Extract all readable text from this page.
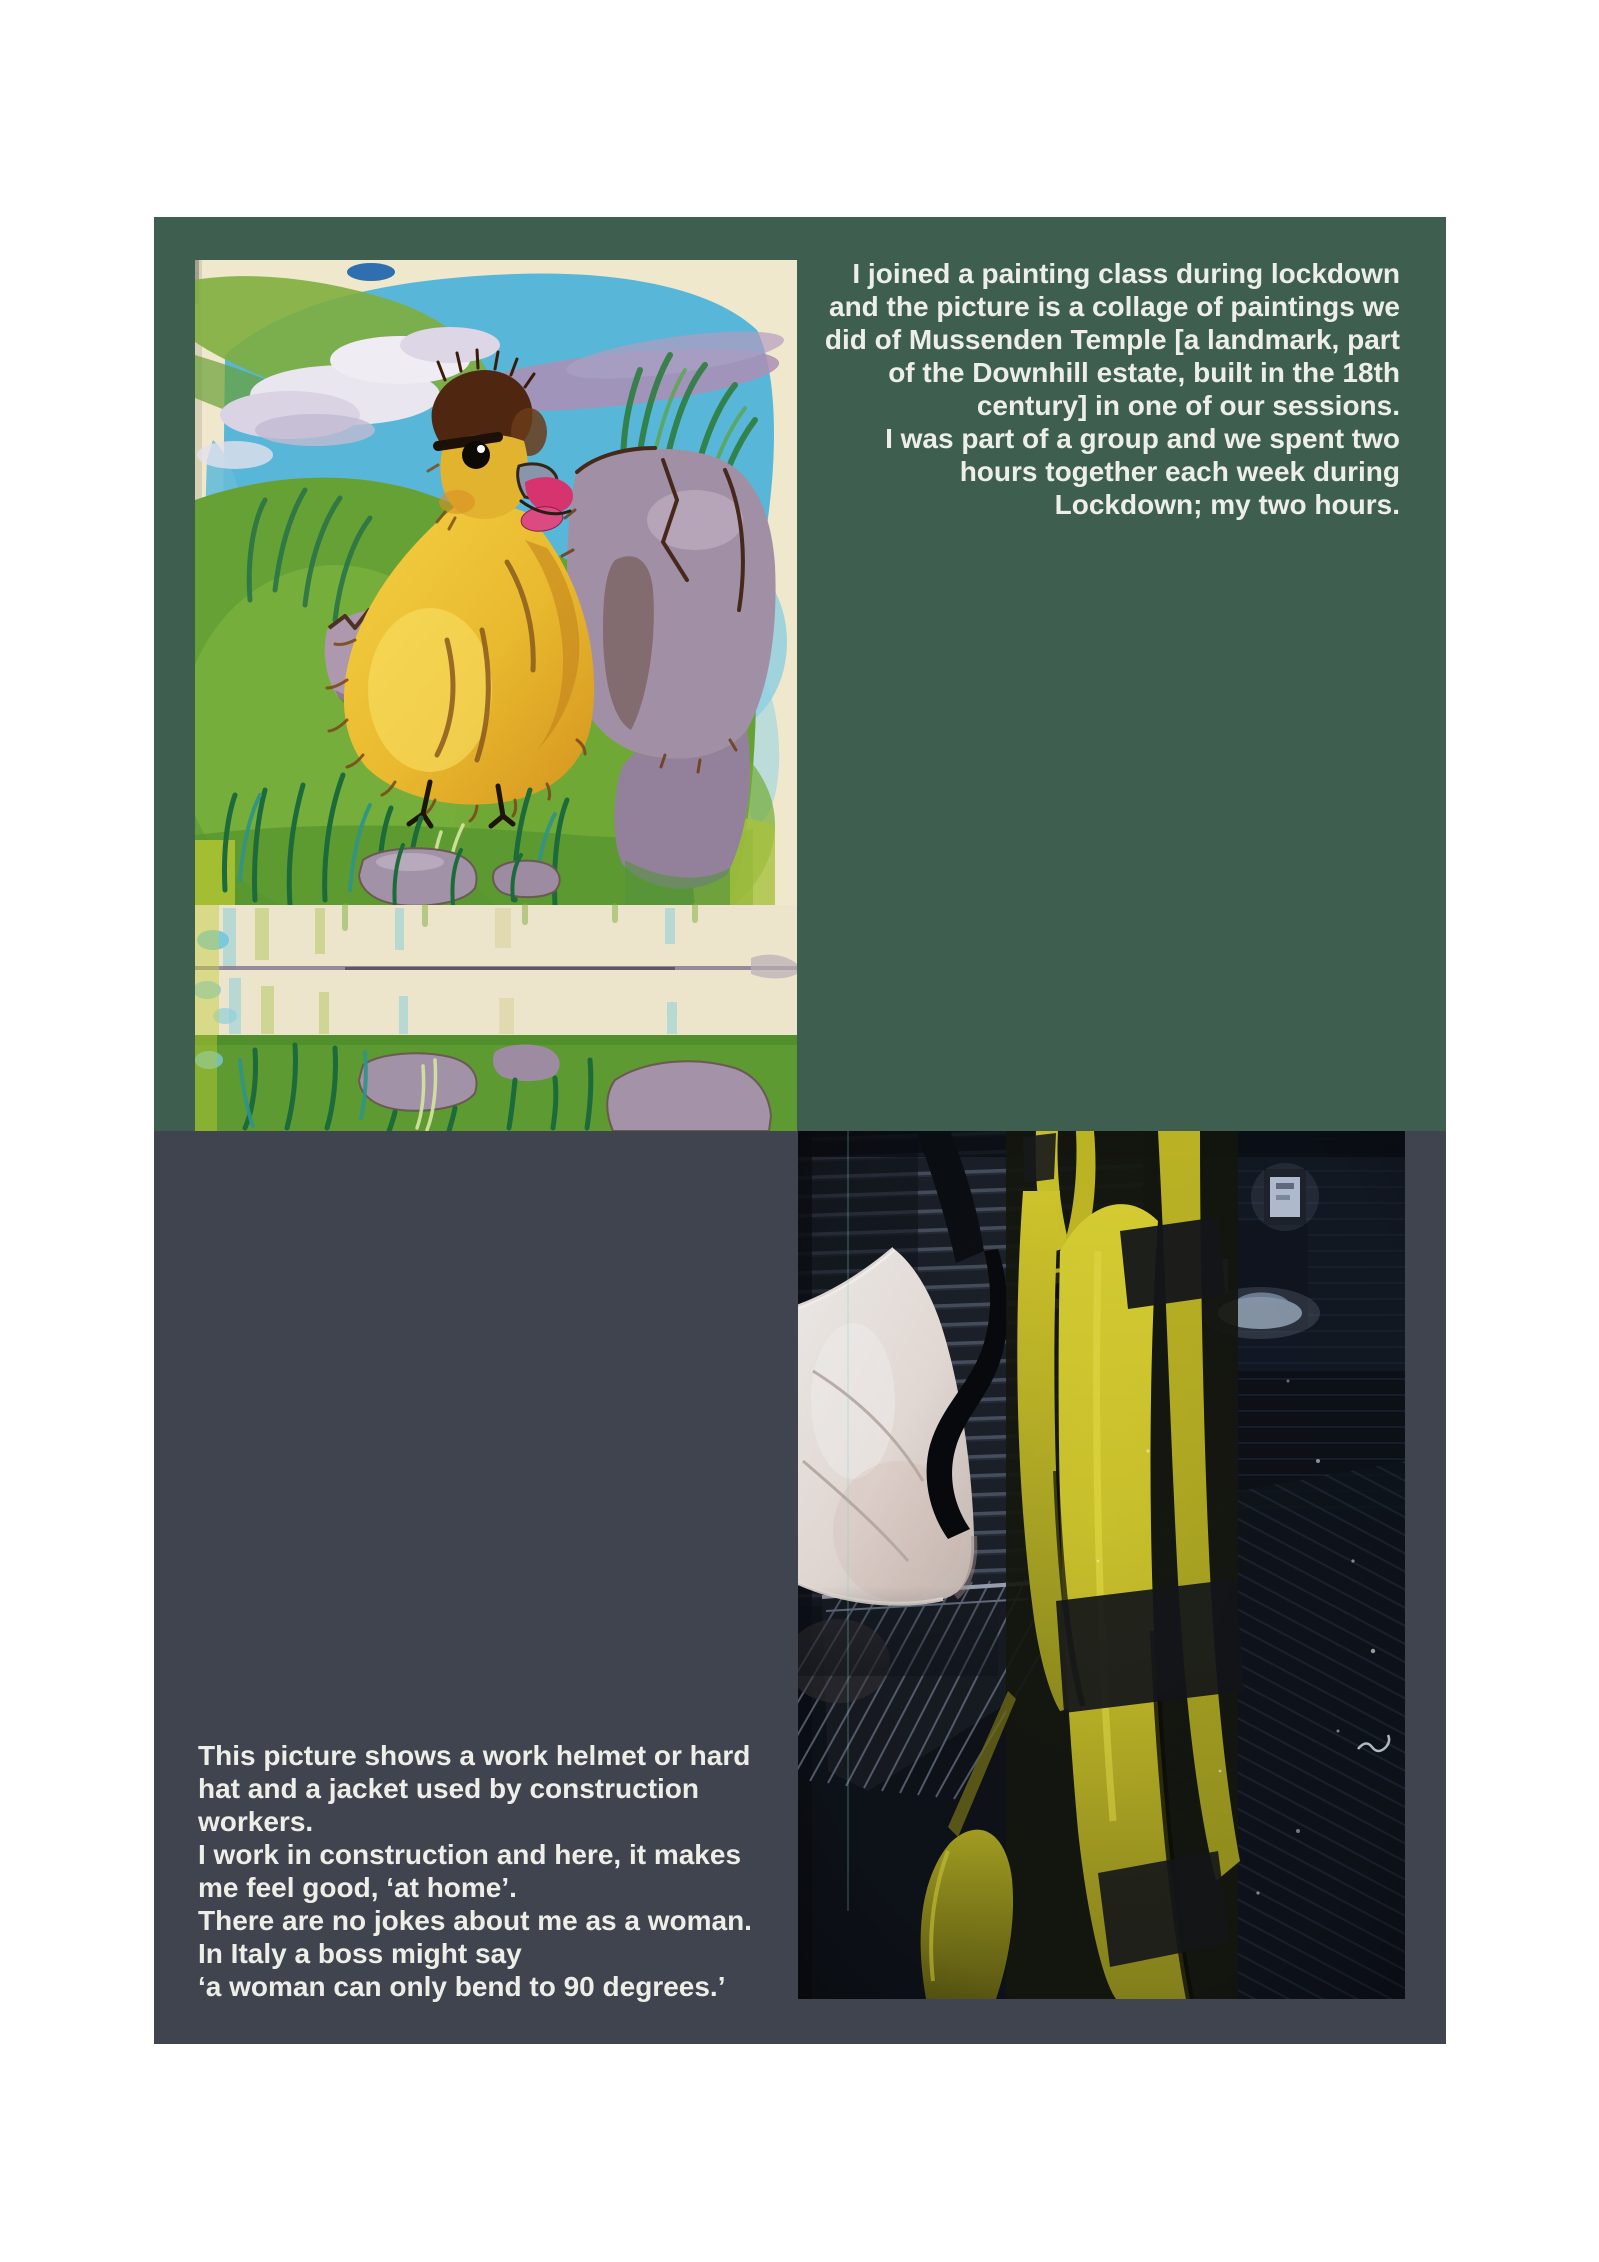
I joined a painting class during lockdown
and the picture is a collage of paintings we
did of Mussenden Temple [a landmark, part
of the Downhill estate, built in the 18th
century] in one of our sessions.
I was part of a group and we spent two
hours together each week during
Lockdown; my two hours.
This picture shows a work helmet or hard
hat and a jacket used by construction
workers.
I work in construction and here, it makes
me feel good, ‘at home’.
There are no jokes about me as a woman.
In Italy a boss might say
‘a woman can only bend to 90 degrees.’
